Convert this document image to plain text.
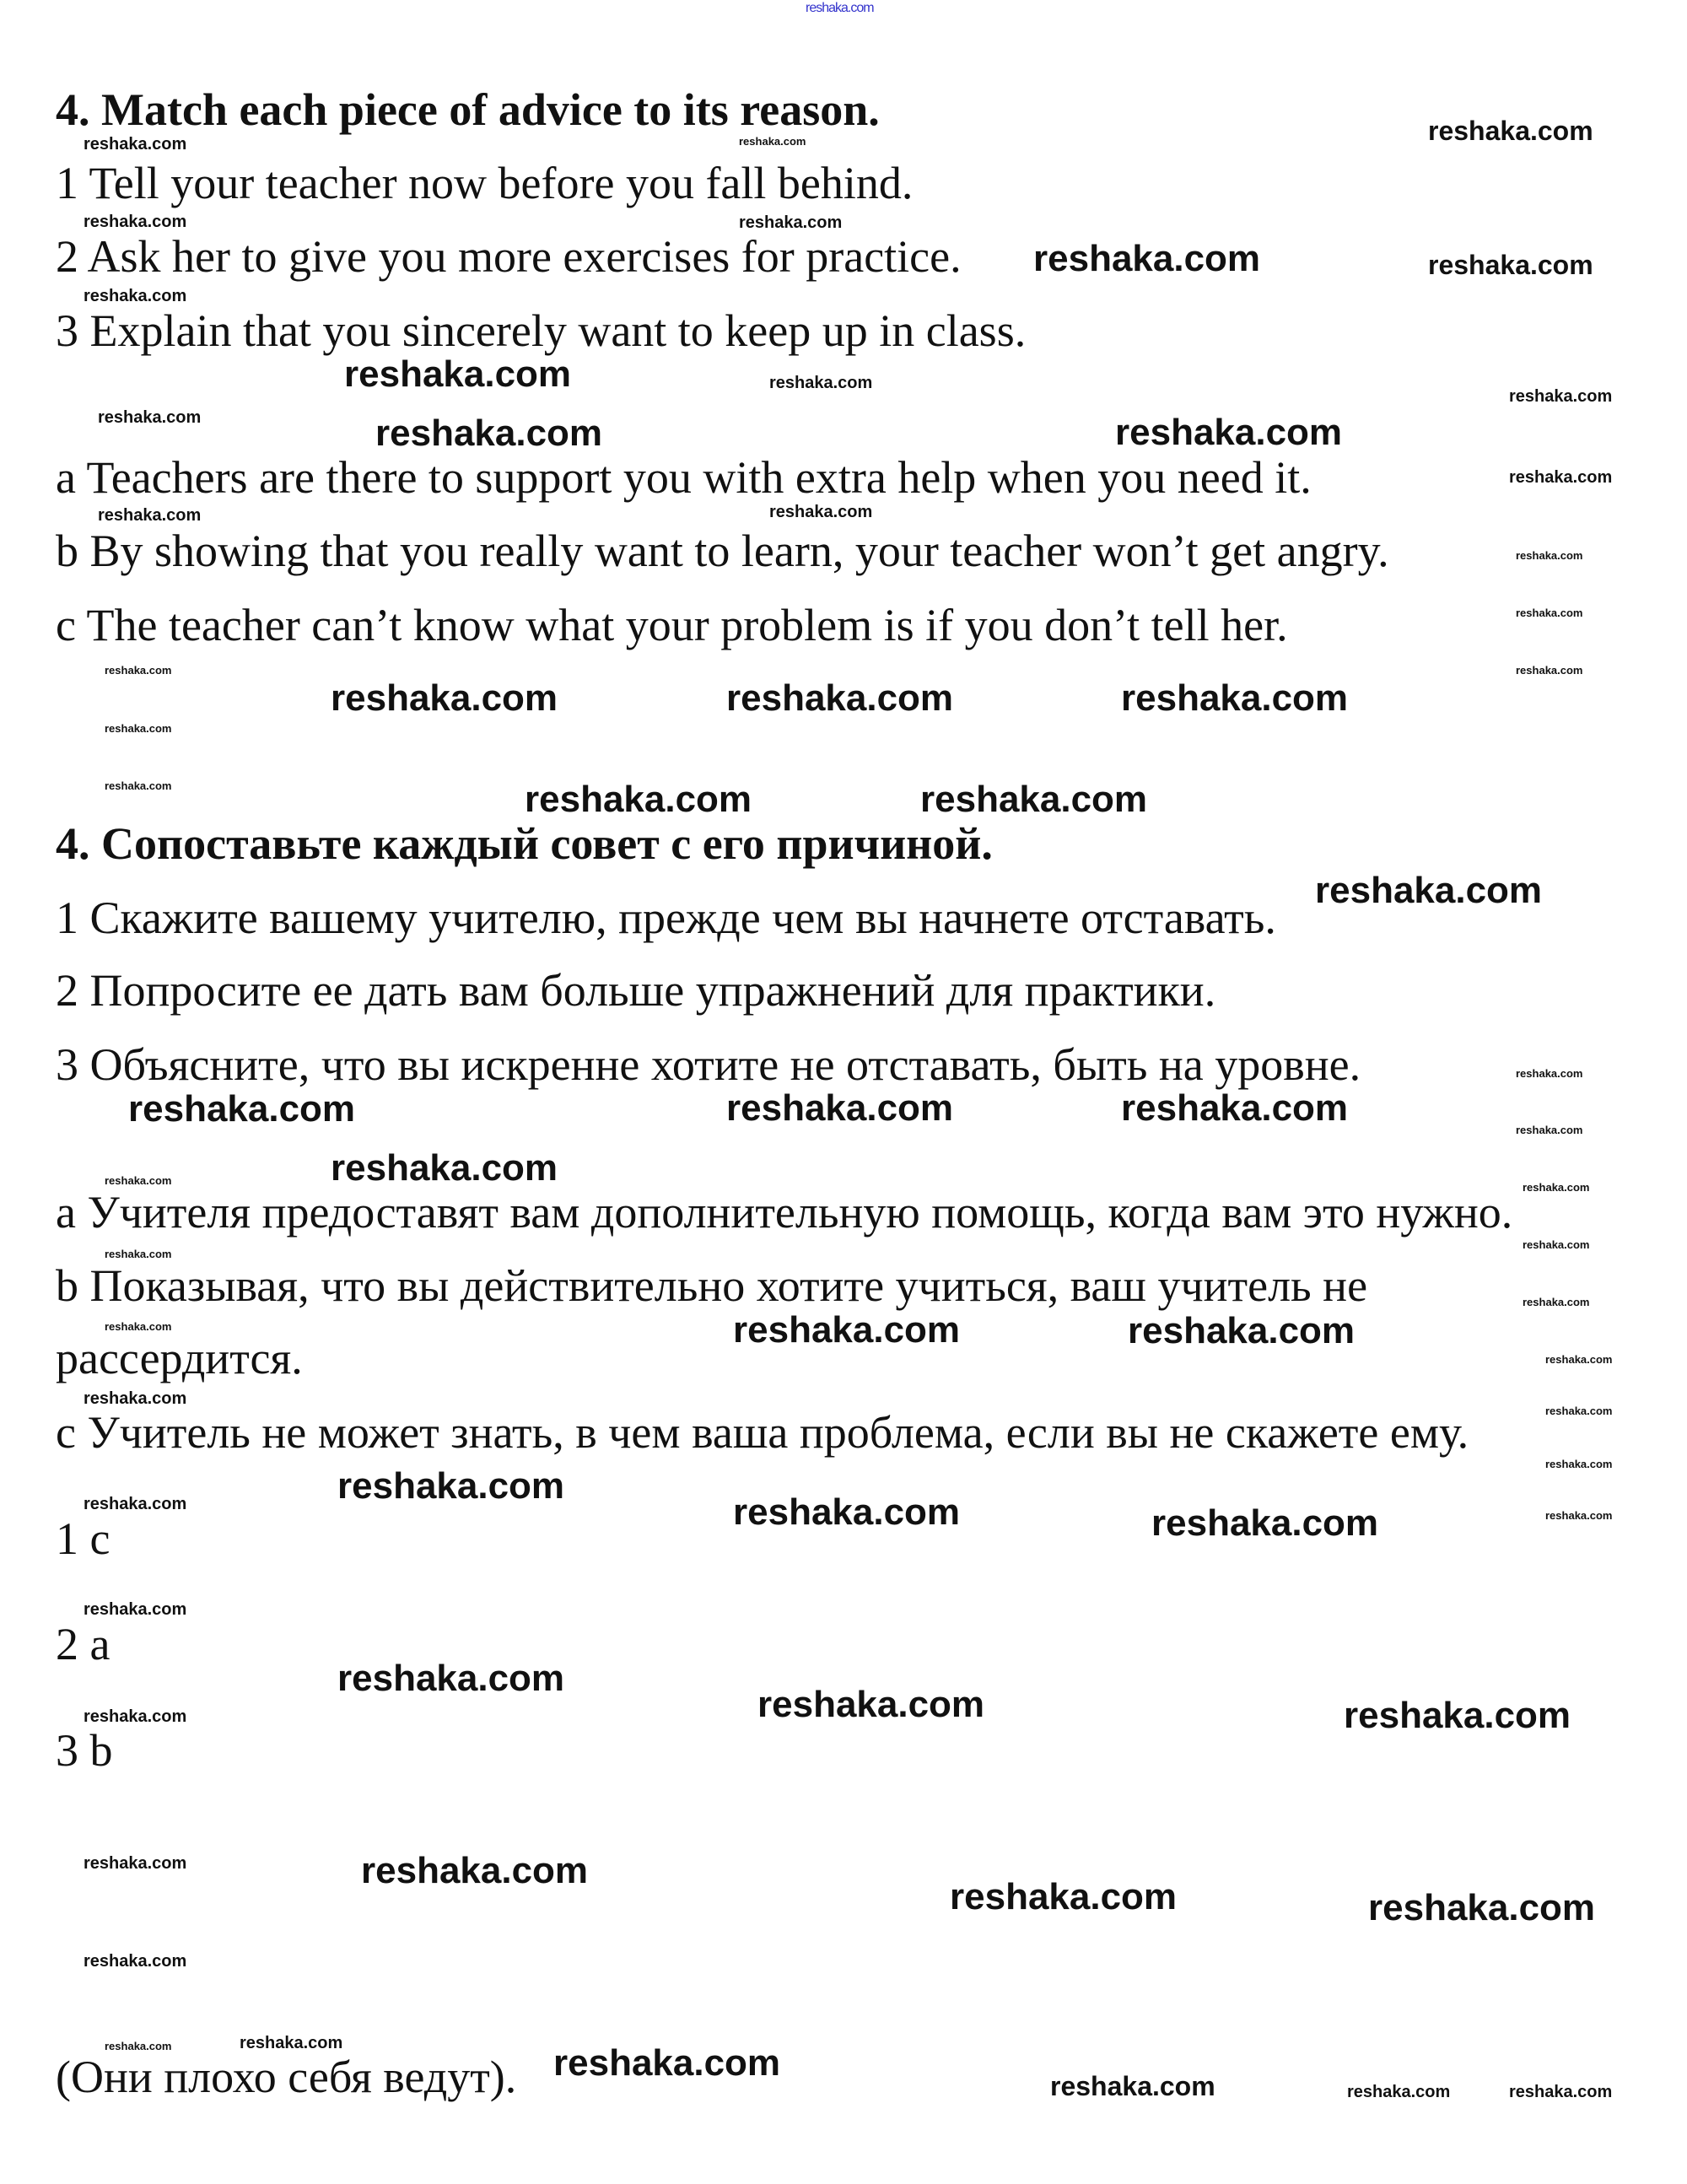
reshaka.com
4. Match each piece of advice to its reason.
1 Tell your teacher now before you fall behind.
2 Ask her to give you more exercises for practice.
3 Explain that you sincerely want to keep up in class.
a Teachers are there to support you with extra help when you need it.
b By showing that you really want to learn, your teacher won’t get angry.
c The teacher can’t know what your problem is if you don’t tell her.
4. Сопоставьте каждый совет с его причиной.
1 Скажите вашему учителю, прежде чем вы начнете отставать.
2 Попросите ее дать вам больше упражнений для практики.
3 Объясните, что вы искренне хотите не отставать, быть на уровне.
a Учителя предоставят вам дополнительную помощь, когда вам это нужно.
b Показывая, что вы действительно хотите учиться, ваш учитель не
рассердится.
c Учитель не может знать, в чем ваша проблема, если вы не скажете ему.
1 c
2 a
3 b
(Они плохо себя ведут).
reshaka.com
reshaka.com
reshaka.com	reshaka.com
reshaka.com	reshaka.com	reshaka.com
reshaka.com	reshaka.com
reshaka.com
reshaka.com	reshaka.com	reshaka.com
reshaka.com
reshaka.com	reshaka.com
reshaka.com
reshaka.com	reshaka.com
reshaka.com
reshaka.com	reshaka.com
reshaka.com
reshaka.com	reshaka.com
reshaka.com
reshaka.com
reshaka.com
reshaka.com
reshaka.com
reshaka.com	reshaka.com
reshaka.com
reshaka.com
reshaka.com	reshaka.com
reshaka.com
reshaka.com
reshaka.com
reshaka.com
reshaka.com
reshaka.com
reshaka.com
reshaka.com
reshaka.com
reshaka.com
reshaka.com	reshaka.com
reshaka.com
reshaka.com
reshaka.com
reshaka.com
reshaka.com
reshaka.com
reshaka.com
reshaka.com
reshaka.com
reshaka.com
reshaka.com
reshaka.com
reshaka.com
reshaka.com
reshaka.com
reshaka.com
reshaka.com
reshaka.com
reshaka.com
reshaka.com
